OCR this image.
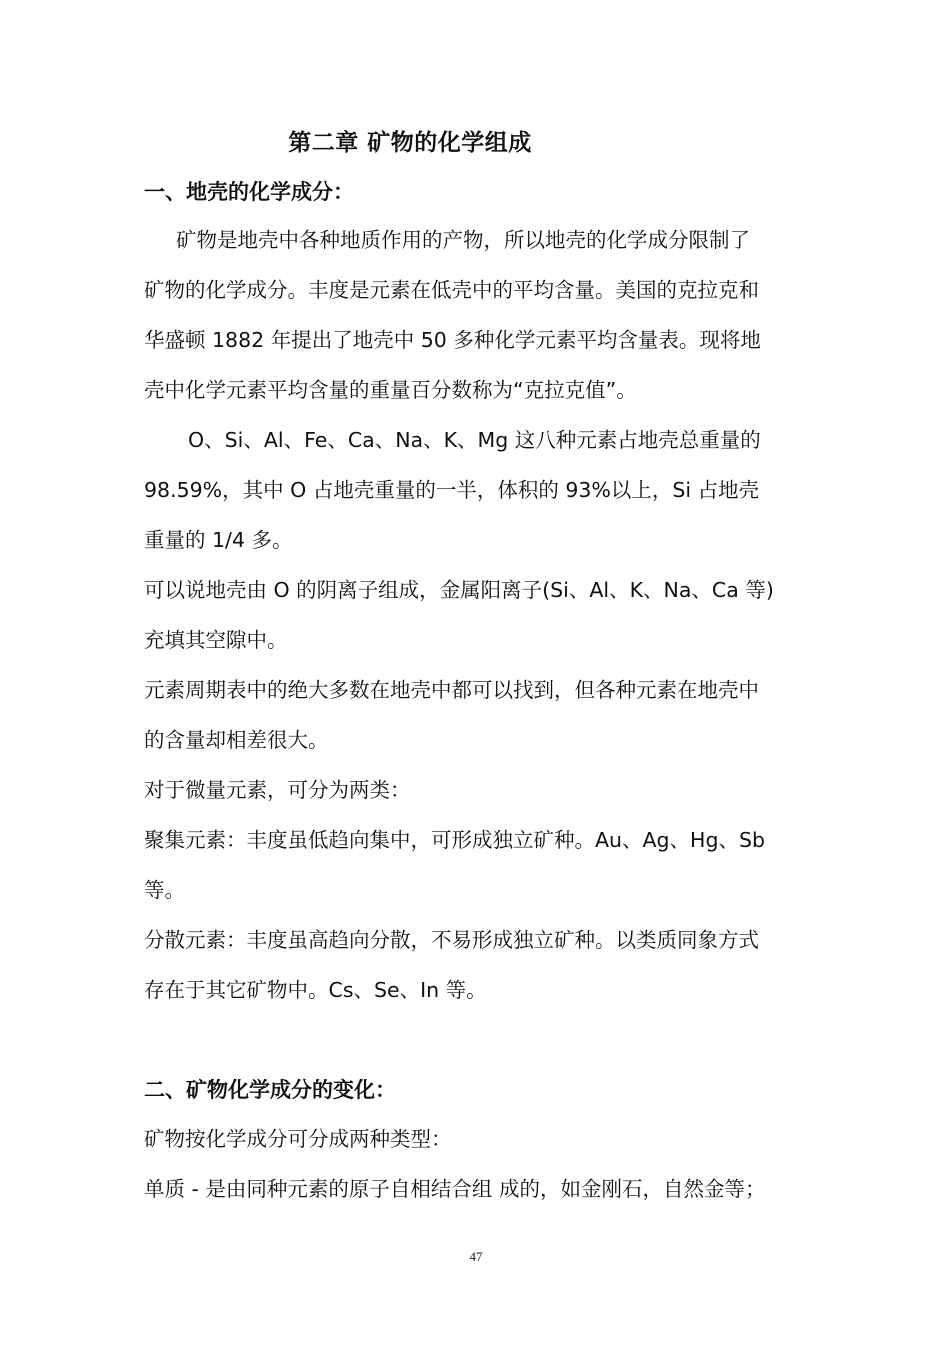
第二章 矿物的化学组成
一、地壳的化学成分：
矿物是地壳中各种地质作用的产物，所以地壳的化学成分限制了
矿物的化学成分。丰度是元素在低壳中的平均含量。美国的克拉克和
华盛顿 1882 年提出了地壳中 50 多种化学元素平均含量表。现将地
壳中化学元素平均含量的重量百分数称为“克拉克值”。
O、Si、Al、Fe、Ca、Na、K、Mg 这八种元素占地壳总重量的
98.59%，其中 O 占地壳重量的一半，体积的 93%以上，Si 占地壳
重量的 1/4 多。
可以说地壳由 O 的阴离子组成，金属阳离子(Si、Al、K、Na、Ca 等)
充填其空隙中。
元素周期表中的绝大多数在地壳中都可以找到，但各种元素在地壳中
的含量却相差很大。
对于微量元素，可分为两类：
聚集元素：丰度虽低趋向集中，可形成独立矿种。Au、Ag、Hg、Sb
等。
分散元素：丰度虽高趋向分散，不易形成独立矿种。以类质同象方式
存在于其它矿物中。Cs、Se、In 等。
二、矿物化学成分的变化：
矿物按化学成分可分成两种类型：
单质 - 是由同种元素的原子自相结合组 成的，如金刚石，自然金等；
47
